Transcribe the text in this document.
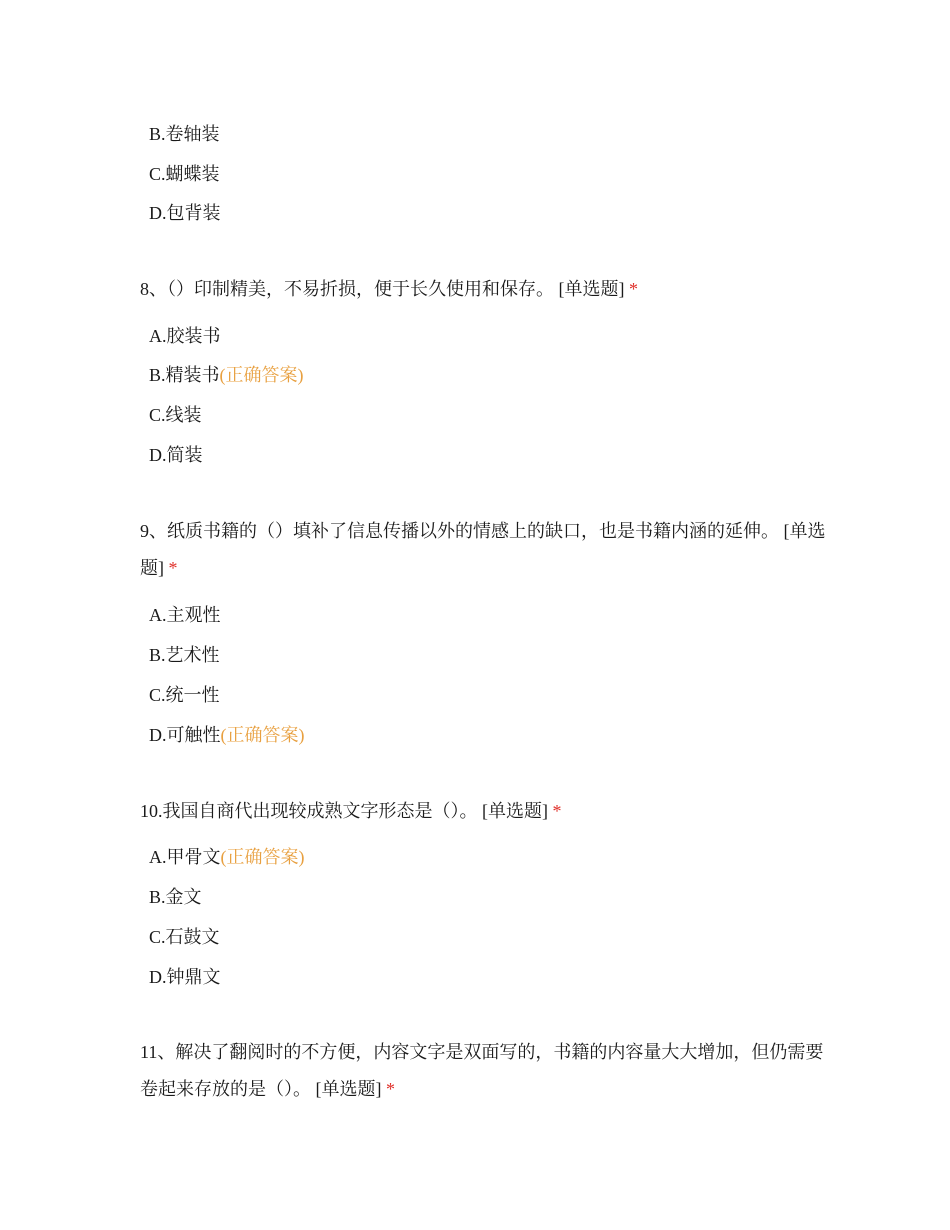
B.卷轴装
C.蝴蝶装
D.包背装
8、（）印制精美，不易折损，便于长久使用和保存。 [单选题] *
A.胶装书
B.精装书(正确答案)
C.线装
D.简装
9、纸质书籍的（）填补了信息传播以外的情感上的缺口，也是书籍内涵的延伸。 [单选题] *
A.主观性
B.艺术性
C.统一性
D.可触性(正确答案)
10.我国自商代出现较成熟文字形态是（）。 [单选题] *
A.甲骨文(正确答案)
B.金文
C.石鼓文
D.钟鼎文
11、解决了翻阅时的不方便，内容文字是双面写的，书籍的内容量大大增加，但仍需要卷起来存放的是（）。 [单选题] *
